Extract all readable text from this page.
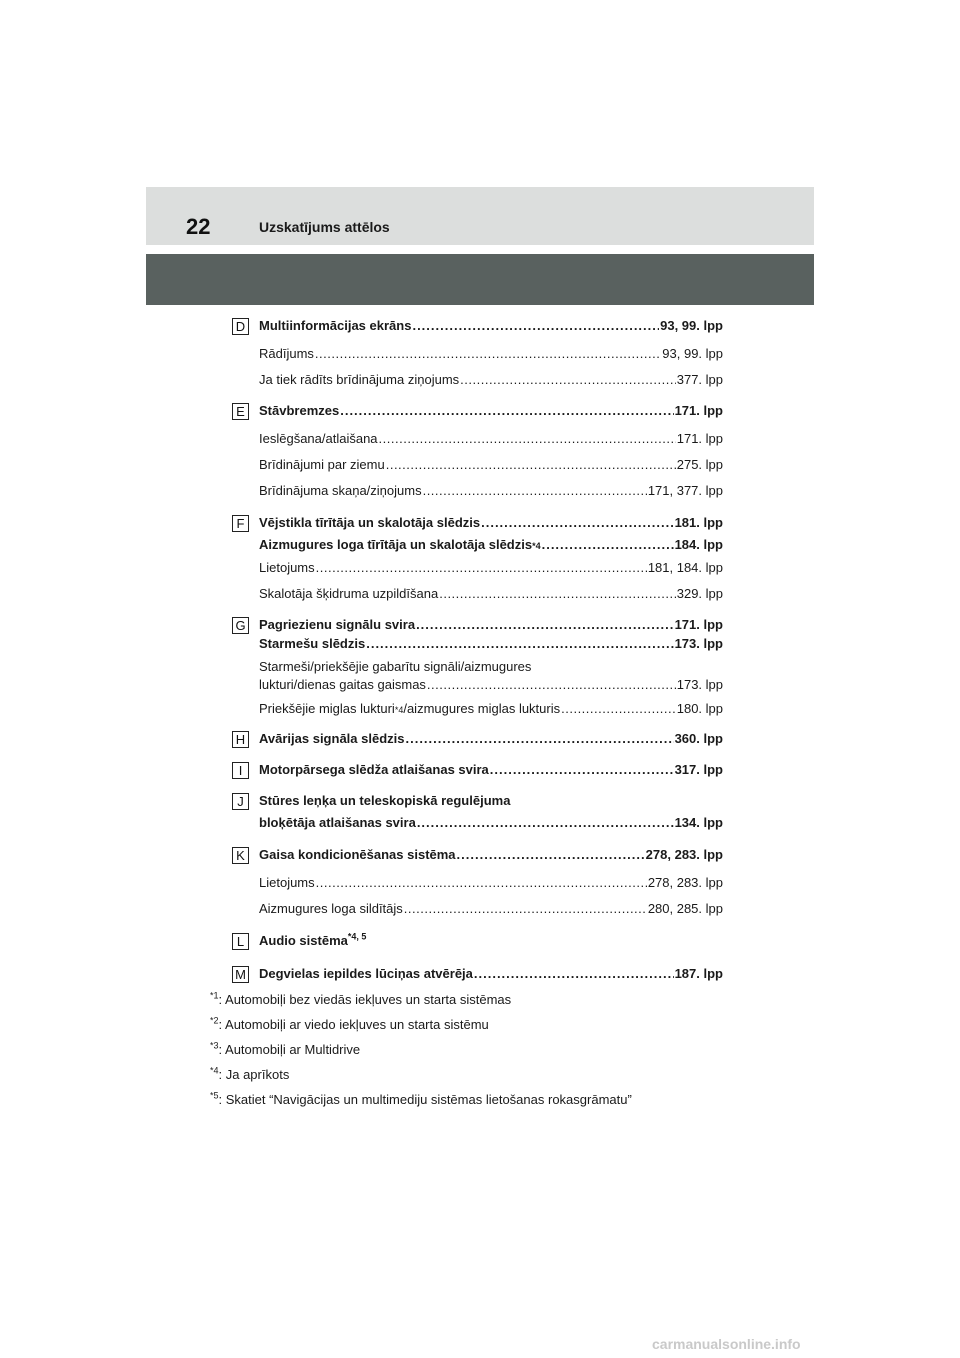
22	Uzskatījums attēlos
D Multiinformācijas ekrāns .....	93, 99. lpp
Rādījums .....	93, 99. lpp
Ja tiek rādīts brīdinājuma ziņojums .....	377. lpp
E	Stāvbremzes .....	171. lpp
Ieslēgšana/atlaišana .....	171. lpp
Brīdinājumi par ziemu .....	275. lpp
Brīdinājuma skaņa/ziņojums .....	171, 377. lpp
F	Vējstikla tīrītāja un skalotāja slēdzis .....	181. lpp
Aizmugures loga tīrītāja un skalotāja slēdzis *4 .....	184. lpp
Lietojums .....	181, 184. lpp
Skalotāja šķidruma uzpildīšana .....	329. lpp
G Pagriezienu signālu svira .....	171. lpp
Starmešu slēdzis .....	173. lpp
Starmeši/priekšējie gabarītu signāli/aizmugures
lukturi/dienas gaitas gaismas .....	173. lpp
Priekšējie miglas lukturi *4 /aizmugures miglas lukturis .....	180. lpp
H Avārijas signāla slēdzis .....	360. lpp
I	Motorpārsega slēdža atlaišanas svira .....	317. lpp
J	Stūres leņķa un teleskopiskā regulējuma
bloķētāja atlaišanas svira .....	134. lpp
K	Gaisa kondicionēšanas sistēma .....	278, 283. lpp
Lietojums .....	278, 283. lpp
Aizmugures loga sildītājs .....	280, 285. lpp
L	Audio sistēma$^{*4, 5}$
M Degvielas iepildes lūciņas atvērēja .....	187. lpp
$^{*1}$: Automobiļi bez viedās iekļuves un starta sistēmas
$^{*2}$: Automobiļi ar viedo iekļuves un starta sistēmu
$^{*3}$: Automobiļi ar Multidrive
$^{*4}$: Ja aprīkots
$^{*5}$: Skatiet “Navigācijas un multimediju sistēmas lietošanas rokasgrāmatu”
carmanualsonline.info
